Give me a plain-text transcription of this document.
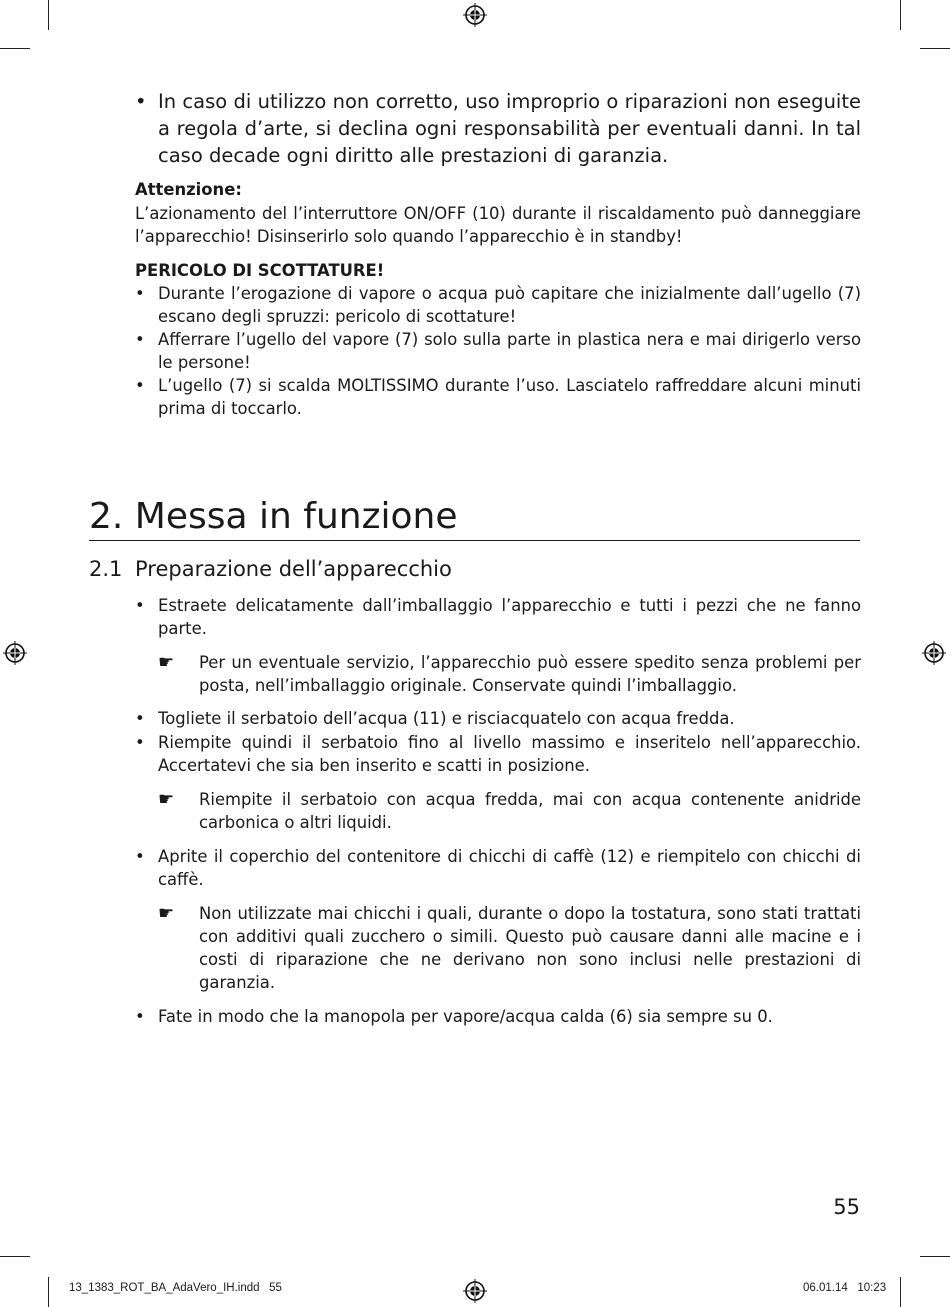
• In caso di utilizzo non corretto, uso improprio o riparazioni non eseguite a regola d’arte, si declina ogni responsabilità per eventuali danni. In tal caso decade ogni diritto alle prestazioni di garanzia.
Attenzione:
L’azionamento del l’interruttore ON/OFF (10) durante il riscaldamento può danneggiare l’apparecchio! Disinserirlo solo quando l’apparecchio è in standby!
PERICOLO DI SCOTTATURE!
• Durante l’erogazione di vapore o acqua può capitare che inizialmente dall’ugello (7) escano degli spruzzi: pericolo di scottature!
• Afferrare l’ugello del vapore (7) solo sulla parte in plastica nera e mai dirigerlo verso le persone!
• L’ugello (7) si scalda MOLTISSIMO durante l’uso. Lasciatelo raffreddare alcuni minuti prima di toccarlo.
2. Messa in funzione
2.1 Preparazione dell’apparecchio
• Estraete delicatamente dall’imballaggio l’apparecchio e tutti i pezzi che ne fanno parte.
☛	Per un eventuale servizio, l’apparecchio può essere spedito senza problemi per posta, nell’imballaggio originale. Conservate quindi l’imballaggio.
• Togliete il serbatoio dell’acqua (11) e risciacquatelo con acqua fredda.
• Riempite quindi il serbatoio fino al livello massimo e inseritelo nell’apparecchio. Accertatevi che sia ben inserito e scatti in posizione.
☛	Riempite il serbatoio con acqua fredda, mai con acqua contenente anidride carbonica o altri liquidi.
• Aprite il coperchio del contenitore di chicchi di caffè (12) e riempitelo con chicchi di caffè.
☛	Non utilizzate mai chicchi i quali, durante o dopo la tostatura, sono stati trattati con additivi quali zucchero o simili. Questo può causare danni alle macine e i costi di riparazione che ne derivano non sono inclusi nelle prestazioni di garanzia.
• Fate in modo che la manopola per vapore/acqua calda (6) sia sempre su 0.
55
13_1383_ROT_BA_AdaVero_IH.indd   55	06.01.14   10:23
